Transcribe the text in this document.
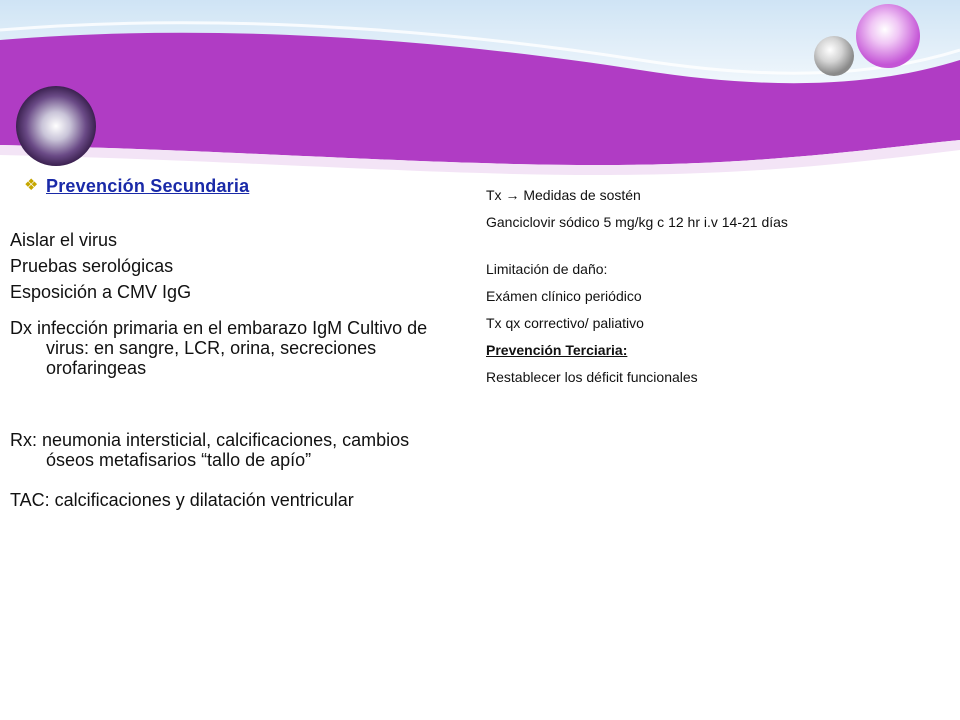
❖ Prevención Secundaria

Aislar el virus

Pruebas serológicas

Esposición a CMV IgG

Dx infección primaria en el embarazo IgM Cultivo de virus: en sangre, LCR, orina, secreciones orofaringeas

Rx: neumonia intersticial, calcificaciones, cambios óseos metafisarios “tallo de apío”

TAC: calcificaciones y dilatación ventricular

Tx → Medidas de sostén

Ganciclovir sódico 5 mg/kg c 12 hr i.v 14-21 días

Limitación de daño:

Exámen clínico periódico

Tx qx correctivo/ paliativo

Prevención Terciaria:

Restablecer los déficit funcionales
